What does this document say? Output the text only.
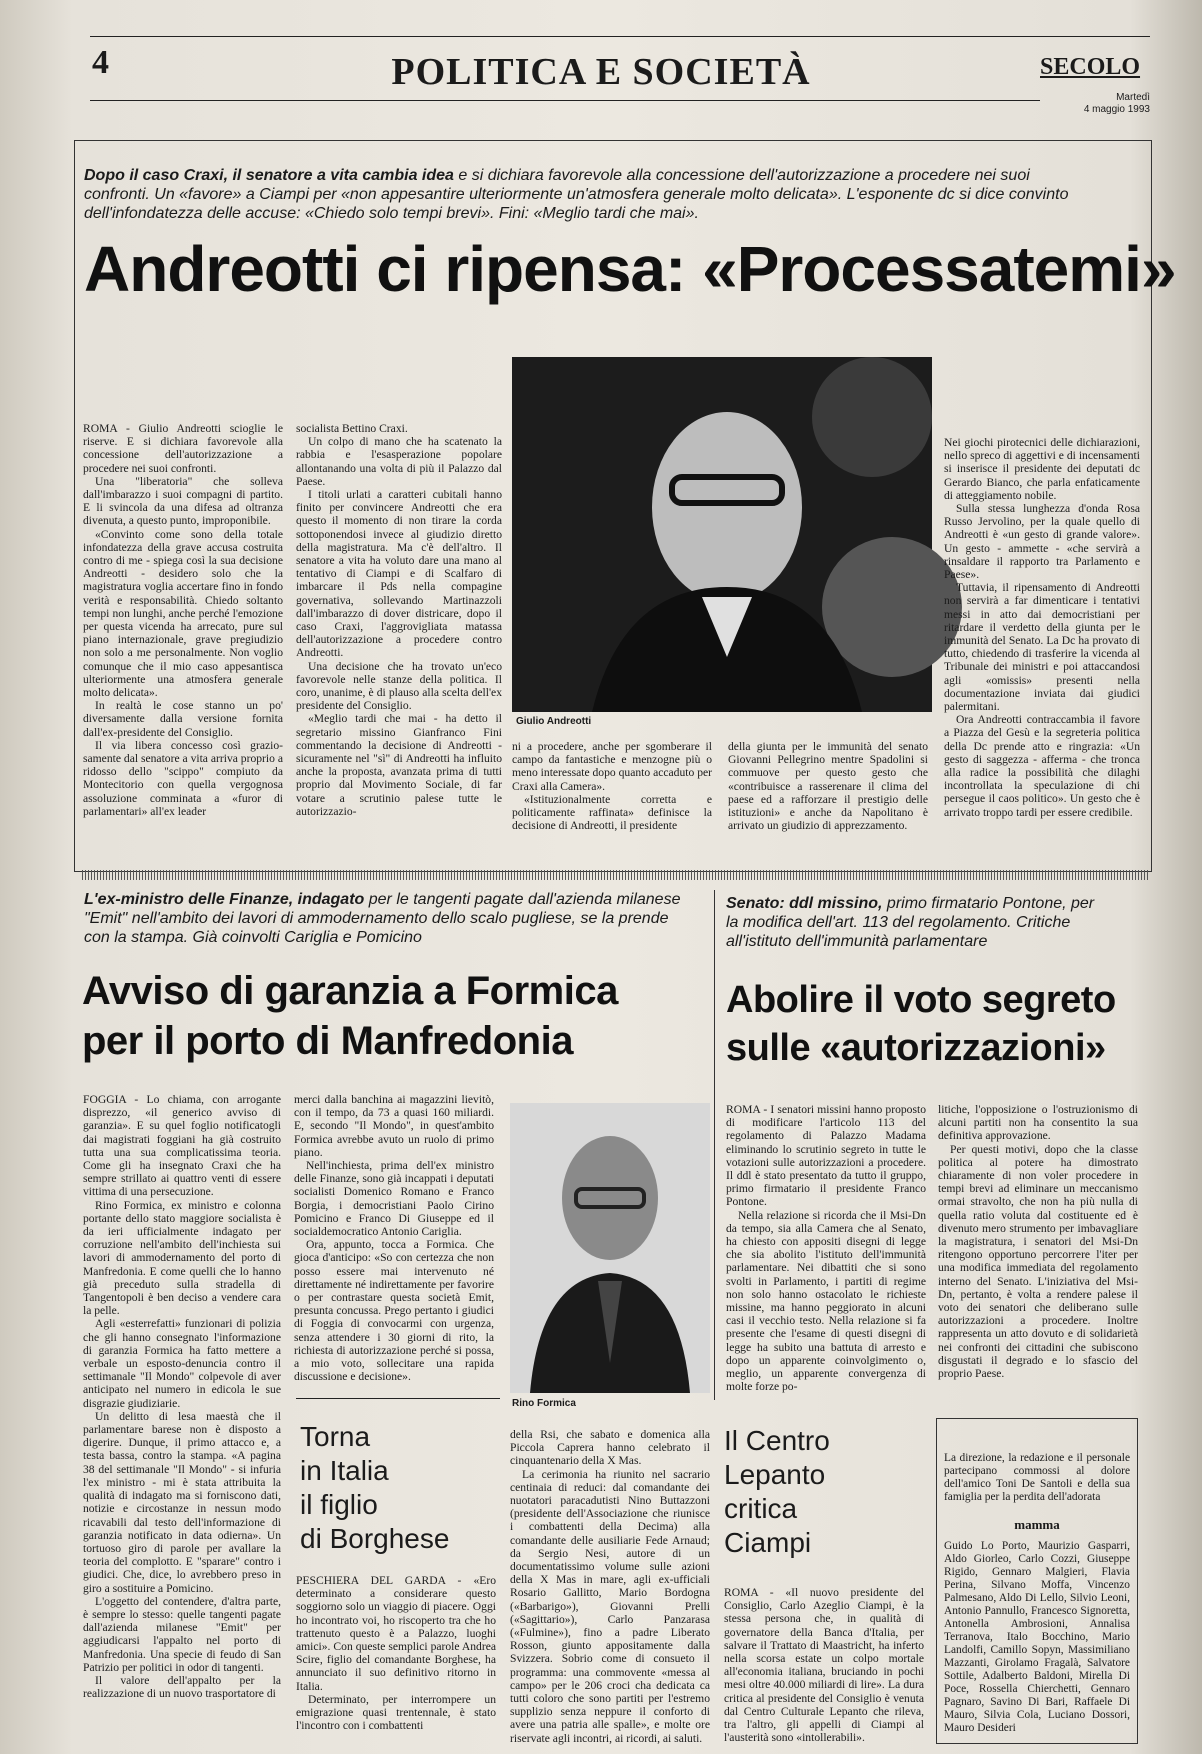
4	POLITICA E SOCIETÀ	SECOLO
Martedì
4 maggio 1993
Dopo il caso Craxi, il senatore a vita cambia idea e si dichiara favorevole alla concessione dell'autorizzazione a procedere nei suoi confronti. Un «favore» a Ciampi per «non appesantire ulteriormente un'atmosfera generale molto delicata». L'esponente dc si dice convinto dell'infondatezza delle accuse: «Chiedo solo tempi brevi». Fini: «Meglio tardi che mai».
Andreotti ci ripensa: «Processatemi»
Giulio Andreotti

ROMA - Giulio Andreotti scioglie le riserve. E si dichiara favorevole alla concessione dell'autorizzazione a procedere nei suoi confronti.

Una "liberatoria" che solleva dall'imbarazzo i suoi compagni di partito. E li svincola da una difesa ad oltranza divenuta, a questo punto, improponibile.

«Convinto come sono della totale infondatezza della grave accusa costruita contro di me - spiega così la sua decisione Andreotti - desidero solo che la magistratura voglia accertare fino in fondo verità e responsabilità. Chiedo soltanto tempi non lunghi, anche perché l'emozione per questa vicenda ha arrecato, pure sul piano internazionale, grave pregiudizio non solo a me personalmente. Non voglio comunque che il mio caso appesantisca ulteriormente una atmosfera generale molto delicata».

In realtà le cose stanno un po' diversamente dalla versione fornita dall'ex-presidente del Consiglio.

Il via libera concesso così grazio-samente dal senatore a vita arriva proprio a ridosso dello "scippo" compiuto da Montecitorio con quella vergognosa assoluzione comminata a «furor di parlamentari» all'ex leader

socialista Bettino Craxi.

Un colpo di mano che ha scatenato la rabbia e l'esasperazione popolare allontanando una volta di più il Palazzo dal Paese.

I titoli urlati a caratteri cubitali hanno finito per convincere Andreotti che era questo il momento di non tirare la corda sottoponendosi invece al giudizio diretto della magistratura. Ma c'è dell'altro. Il senatore a vita ha voluto dare una mano al tentativo di Ciampi e di Scalfaro di imbarcare il Pds nella compagine governativa, sollevando Martinazzoli dall'imbarazzo di dover districare, dopo il caso Craxi, l'aggrovigliata matassa dell'autorizzazione a procedere contro Andreotti.

Una decisione che ha trovato un'eco favorevole nelle stanze della politica. Il coro, unanime, è di plauso alla scelta dell'ex presidente del Consiglio.

«Meglio tardi che mai - ha detto il segretario missino Gianfranco Fini commentando la decisione di Andreotti - sicuramente nel "sì" di Andreotti ha influito anche la proposta, avanzata prima di tutti proprio dal Movimento Sociale, di far votare a scrutinio palese tutte le autorizzazio-

ni a procedere, anche per sgomberare il campo da fantastiche e menzogne più o meno interessate dopo quanto accaduto per Craxi alla Camera».

«Istituzionalmente corretta e politicamente raffinata» definisce la decisione di Andreotti, il presidente

della giunta per le immunità del senato Giovanni Pellegrino mentre Spadolini si commuove per questo gesto che «contribuisce a rasserenare il clima del paese ed a rafforzare il prestigio delle istituzioni» e anche da Napolitano è arrivato un giudizio di apprezzamento.

Nei giochi pirotecnici delle dichiarazioni, nello spreco di aggettivi e di incensamenti si inserisce il presidente dei deputati dc Gerardo Bianco, che parla enfaticamente di atteggiamento nobile.

Sulla stessa lunghezza d'onda Rosa Russo Jervolino, per la quale quello di Andreotti è «un gesto di grande valore». Un gesto - ammette - «che servirà a rinsaldare il rapporto tra Parlamento e Paese».

Tuttavia, il ripensamento di Andreotti non servirà a far dimenticare i tentativi messi in atto dai democristiani per ritardare il verdetto della giunta per le immunità del Senato. La Dc ha provato di tutto, chiedendo di trasferire la vicenda al Tribunale dei ministri e poi attaccandosi agli «omissis» presenti nella documentazione inviata dai giudici palermitani.

Ora Andreotti contraccambia il favore a Piazza del Gesù e la segreteria politica della Dc prende atto e ringrazia: «Un gesto di saggezza - afferma - che tronca alla radice la possibilità che dilaghi incontrollata la speculazione di chi persegue il caos politico». Un gesto che è arrivato troppo tardi per essere credibile.

L'ex-ministro delle Finanze, indagato per le tangenti pagate dall'azienda milanese "Emit" nell'ambito dei lavori di ammodernamento dello scalo pugliese, se la prende con la stampa. Già coinvolti Cariglia e Pomicino
Avviso di garanzia a Formica
per il porto di Manfredonia

FOGGIA - Lo chiama, con arrogante disprezzo, «il generico avviso di garanzia». E su quel foglio notificatogli dai magistrati foggiani ha già costruito tutta una sua complicatissima teoria. Come gli ha insegnato Craxi che ha sempre strillato ai quattro venti di essere vittima di una persecuzione.

Rino Formica, ex ministro e colonna portante dello stato maggiore socialista è da ieri ufficialmente indagato per corruzione nell'ambito dell'inchiesta sui lavori di ammodernamento del porto di Manfredonia. E come quelli che lo hanno già preceduto sulla stradella di Tangentopoli è ben deciso a vendere cara la pelle.

Agli «esterrefatti» funzionari di polizia che gli hanno consegnato l'informazione di garanzia Formica ha fatto mettere a verbale un esposto-denuncia contro il settimanale "Il Mondo" colpevole di aver anticipato nel numero in edicola le sue disgrazie giudiziarie.

Un delitto di lesa maestà che il parlamentare barese non è disposto a digerire. Dunque, il primo attacco e, a testa bassa, contro la stampa. «A pagina 38 del settimanale "Il Mondo" - si infuria l'ex ministro - mi è stata attribuita la qualità di indagato ma si forniscono dati, notizie e circostanze in nessun modo ricavabili dal testo dell'informazione di garanzia notificato in data odierna». Un tortuoso giro di parole per avallare la teoria del complotto. E "sparare" contro i giudici. Che, dice, lo avrebbero preso in giro a sostituire a Pomicino.

L'oggetto del contendere, d'altra parte, è sempre lo stesso: quelle tangenti pagate dall'azienda milanese "Emit" per aggiudicarsi l'appalto nel porto di Manfredonia. Una specie di feudo di San Patrizio per politici in odor di tangenti.

Il valore dell'appalto per la realizzazione di un nuovo trasportatore di

merci dalla banchina ai magazzini lievitò, con il tempo, da 73 a quasi 160 miliardi. E, secondo "Il Mondo", in quest'ambito Formica avrebbe avuto un ruolo di primo piano.

Nell'inchiesta, prima dell'ex ministro delle Finanze, sono già incappati i deputati socialisti Domenico Romano e Franco Borgia, i democristiani Paolo Cirino Pomicino e Franco Di Giuseppe ed il socialdemocratico Antonio Cariglia.

Ora, appunto, tocca a Formica. Che gioca d'anticipo: «So con certezza che non posso essere mai intervenuto né direttamente né indirettamente per favorire o per contrastare questa società Emit, presunta concussa. Prego pertanto i giudici di Foggia di convocarmi con urgenza, senza attendere i 30 giorni di rito, la richiesta di autorizzazione perché si possa, a mio voto, sollecitare una rapida discussione e decisione».

Rino Formica
Senato: ddl missino, primo firmatario Pontone, per la modifica dell'art. 113 del regolamento. Critiche all'istituto dell'immunità parlamentare
Abolire il voto segreto
sulle «autorizzazioni»

ROMA - I senatori missini hanno proposto di modificare l'articolo 113 del regolamento di Palazzo Madama eliminando lo scrutinio segreto in tutte le votazioni sulle autorizzazioni a procedere. Il ddl è stato presentato da tutto il gruppo, primo firmatario il presidente Franco Pontone.

Nella relazione si ricorda che il Msi-Dn da tempo, sia alla Camera che al Senato, ha chiesto con appositi disegni di legge che sia abolito l'istituto dell'immunità parlamentare. Nei dibattiti che si sono svolti in Parlamento, i partiti di regime non solo hanno ostacolato le richieste missine, ma hanno peggiorato in alcuni casi il vecchio testo. Nella relazione si fa presente che l'esame di questi disegni di legge ha subito una battuta di arresto e dopo un apparente coinvolgimento o, meglio, un apparente convergenza di molte forze po-

litiche, l'opposizione o l'ostruzionismo di alcuni partiti non ha consentito la sua definitiva approvazione.

Per questi motivi, dopo che la classe politica al potere ha dimostrato chiaramente di non voler procedere in tempi brevi ad eliminare un meccanismo ormai stravolto, che non ha più nulla di quella ratio voluta dal costituente ed è divenuto mero strumento per imbavagliare la magistratura, i senatori del Msi-Dn ritengono opportuno percorrere l'iter per una modifica immediata del regolamento interno del Senato. L'iniziativa del Msi-Dn, pertanto, è volta a rendere palese il voto dei senatori che deliberano sulle autorizzazioni a procedere. Inoltre rappresenta un atto dovuto e di solidarietà nei confronti dei cittadini che subiscono disgustati il degrado e lo sfascio del proprio Paese.

Torna
in Italia
il figlio
di Borghese

PESCHIERA DEL GARDA - «Ero determinato a considerare questo soggiorno solo un viaggio di piacere. Oggi ho incontrato voi, ho riscoperto tra che ho trattenuto questo è a Palazzo, luoghi amici». Con queste semplici parole Andrea Scire, figlio del comandante Borghese, ha annunciato il suo definitivo ritorno in Italia.

Determinato, per interrompere un emigrazione quasi trentennale, è stato l'incontro con i combattenti

della Rsi, che sabato e domenica alla Piccola Caprera hanno celebrato il cinquantenario della X Mas.

La cerimonia ha riunito nel sacrario centinaia di reduci: dal comandante dei nuotatori paracadutisti Nino Buttazzoni (presidente dell'Associazione che riunisce i combattenti della Decima) alla comandante delle ausiliarie Fede Arnaud; da Sergio Nesi, autore di un documentatissimo volume sulle azioni della X Mas in mare, agli ex-ufficiali Rosario Gallitto, Mario Bordogna («Barbarigo»), Giovanni Prelli («Sagittario»), Carlo Panzarasa («Fulmine»), fino a padre Liberato Rosson, giunto appositamente dalla Svizzera. Sobrio come di consueto il programma: una commovente «messa al campo» per le 206 croci cha dedicata ca tutti coloro che sono partiti per l'estremo supplizio senza neppure il conforto di avere una patria alle spalle», e molte ore riservate agli incontri, ai ricordi, ai saluti.

Il Centro
Lepanto
critica
Ciampi

ROMA - «Il nuovo presidente del Consiglio, Carlo Azeglio Ciampi, è la stessa persona che, in qualità di governatore della Banca d'Italia, per salvare il Trattato di Maastricht, ha inferto nella scorsa estate un colpo mortale all'economia italiana, bruciando in pochi mesi oltre 40.000 miliardi di lire». La dura critica al presidente del Consiglio è venuta dal Centro Culturale Lepanto che rileva, tra l'altro, gli appelli di Ciampi al l'austerità sono «intollerabili».

La direzione, la redazione e il personale partecipano commossi al dolore dell'amico Toni De Santoli e della sua famiglia per la perdita dell'adorata
mamma
Guido Lo Porto, Maurizio Gasparri, Aldo Giorleo, Carlo Cozzi, Giuseppe Rigido, Gennaro Malgieri, Flavia Perina, Silvano Moffa, Vincenzo Palmesano, Aldo Di Lello, Silvio Leoni, Antonio Pannullo, Francesco Signoretta, Antonella Ambrosioni, Annalisa Terranova, Italo Bocchino, Mario Landolfi, Camillo Sopyn, Massimiliano Mazzanti, Girolamo Fragalà, Salvatore Sottile, Adalberto Baldoni, Mirella Di Poce, Rossella Chierchetti, Gennaro Pagnaro, Savino Di Bari, Raffaele Di Mauro, Silvia Cola, Luciano Dossori, Mauro Desideri
